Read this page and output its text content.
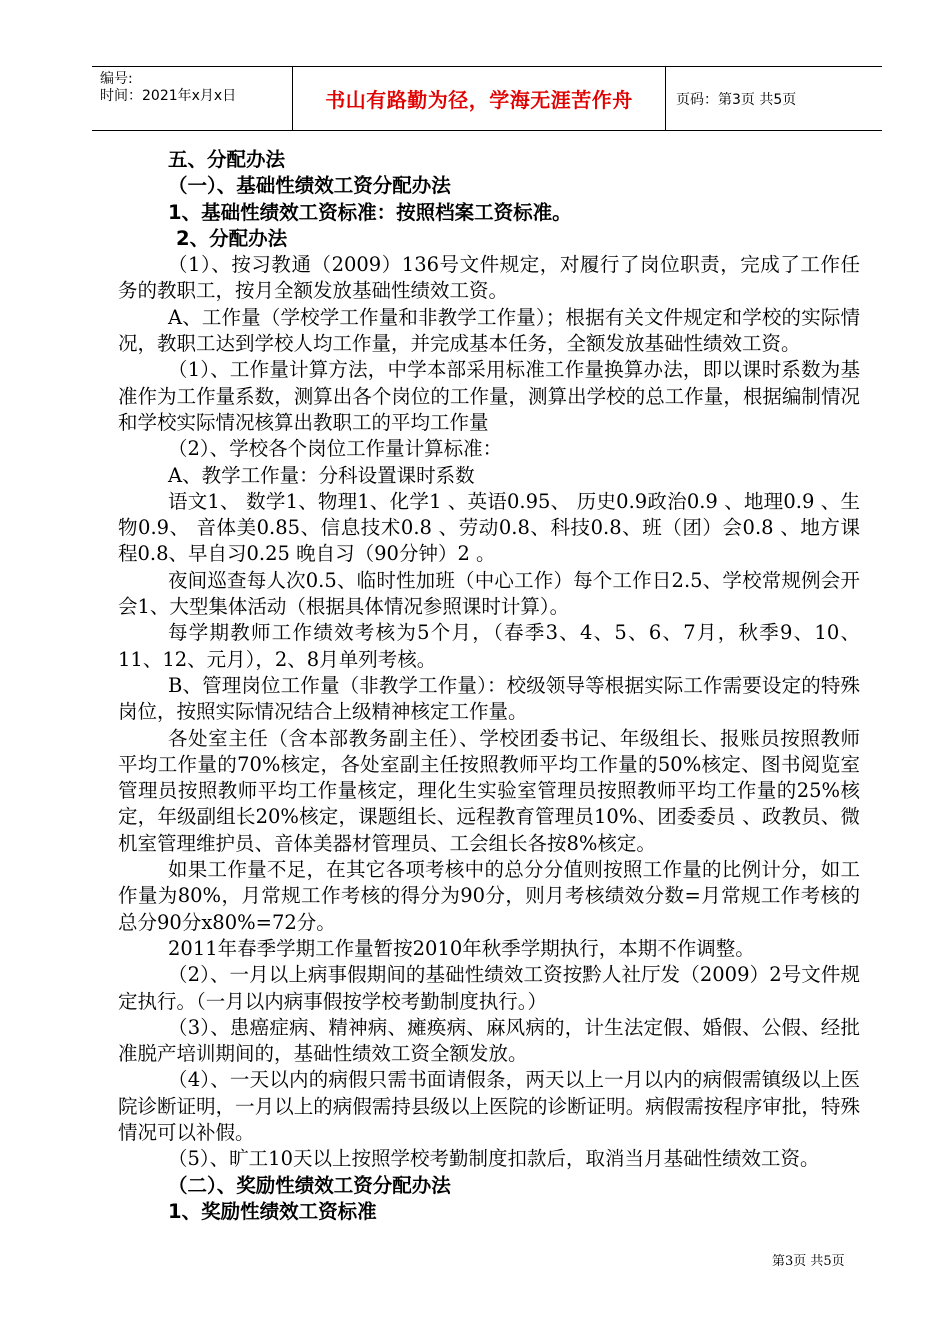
编号:
时间：2021年x月x日	书山有路勤为径，学海无涯苦作舟	页码：第3页 共5页

五、分配办法

（一）、基础性绩效工资分配办法

1、基础性绩效工资标准：按照档案工资标准。

2、分配办法

（1）、按习教通（2009）136号文件规定，对履行了岗位职责，完成了工作任务的教职工，按月全额发放基础性绩效工资。

A、工作量（学校学工作量和非教学工作量）；根据有关文件规定和学校的实际情况，教职工达到学校人均工作量，并完成基本任务，全额发放基础性绩效工资。

（1）、工作量计算方法，中学本部采用标准工作量换算办法，即以课时系数为基准作为工作量系数，测算出各个岗位的工作量，测算出学校的总工作量，根据编制情况和学校实际情况核算出教职工的平均工作量

（2）、学校各个岗位工作量计算标准：

A、教学工作量：分科设置课时系数

语文1、 数学1、物理1、化学1 、英语0.95、 历史0.9政治0.9 、地理0.9 、生物0.9、 音体美0.85、信息技术0.8 、劳动0.8、科技0.8、班（团）会0.8 、地方课程0.8、早自习0.25 晚自习（90分钟）2 。

夜间巡查每人次0.5、临时性加班（中心工作）每个工作日2.5、学校常规例会开会1、大型集体活动（根据具体情况参照课时计算）。

每学期教师工作绩效考核为5个月，（春季3、4、5、6、7月，秋季9、10、11、12、元月），2、8月单列考核。

B、管理岗位工作量（非教学工作量）：校级领导等根据实际工作需要设定的特殊岗位，按照实际情况结合上级精神核定工作量。

各处室主任（含本部教务副主任）、学校团委书记、年级组长、报账员按照教师平均工作量的70%核定，各处室副主任按照教师平均工作量的50%核定、图书阅览室管理员按照教师平均工作量核定，理化生实验室管理员按照教师平均工作量的25%核定，年级副组长20%核定，课题组长、远程教育管理员10%、团委委员 、政教员、微机室管理维护员、音体美器材管理员、工会组长各按8%核定。

如果工作量不足，在其它各项考核中的总分分值则按照工作量的比例计分，如工作量为80%，月常规工作考核的得分为90分，则月考核绩效分数=月常规工作考核的总分90分x80%=72分。

2011年春季学期工作量暂按2010年秋季学期执行，本期不作调整。

（2）、一月以上病事假期间的基础性绩效工资按黔人社厅发（2009）2号文件规定执行。（一月以内病事假按学校考勤制度执行。）

（3）、患癌症病、精神病、瘫痪病、麻风病的，计生法定假、婚假、公假、经批准脱产培训期间的，基础性绩效工资全额发放。

（4）、一天以内的病假只需书面请假条，两天以上一月以内的病假需镇级以上医院诊断证明，一月以上的病假需持县级以上医院的诊断证明。病假需按程序审批，特殊情况可以补假。

（5）、旷工10天以上按照学校考勤制度扣款后，取消当月基础性绩效工资。

（二）、奖励性绩效工资分配办法

1、奖励性绩效工资标准

第3页 共5页
